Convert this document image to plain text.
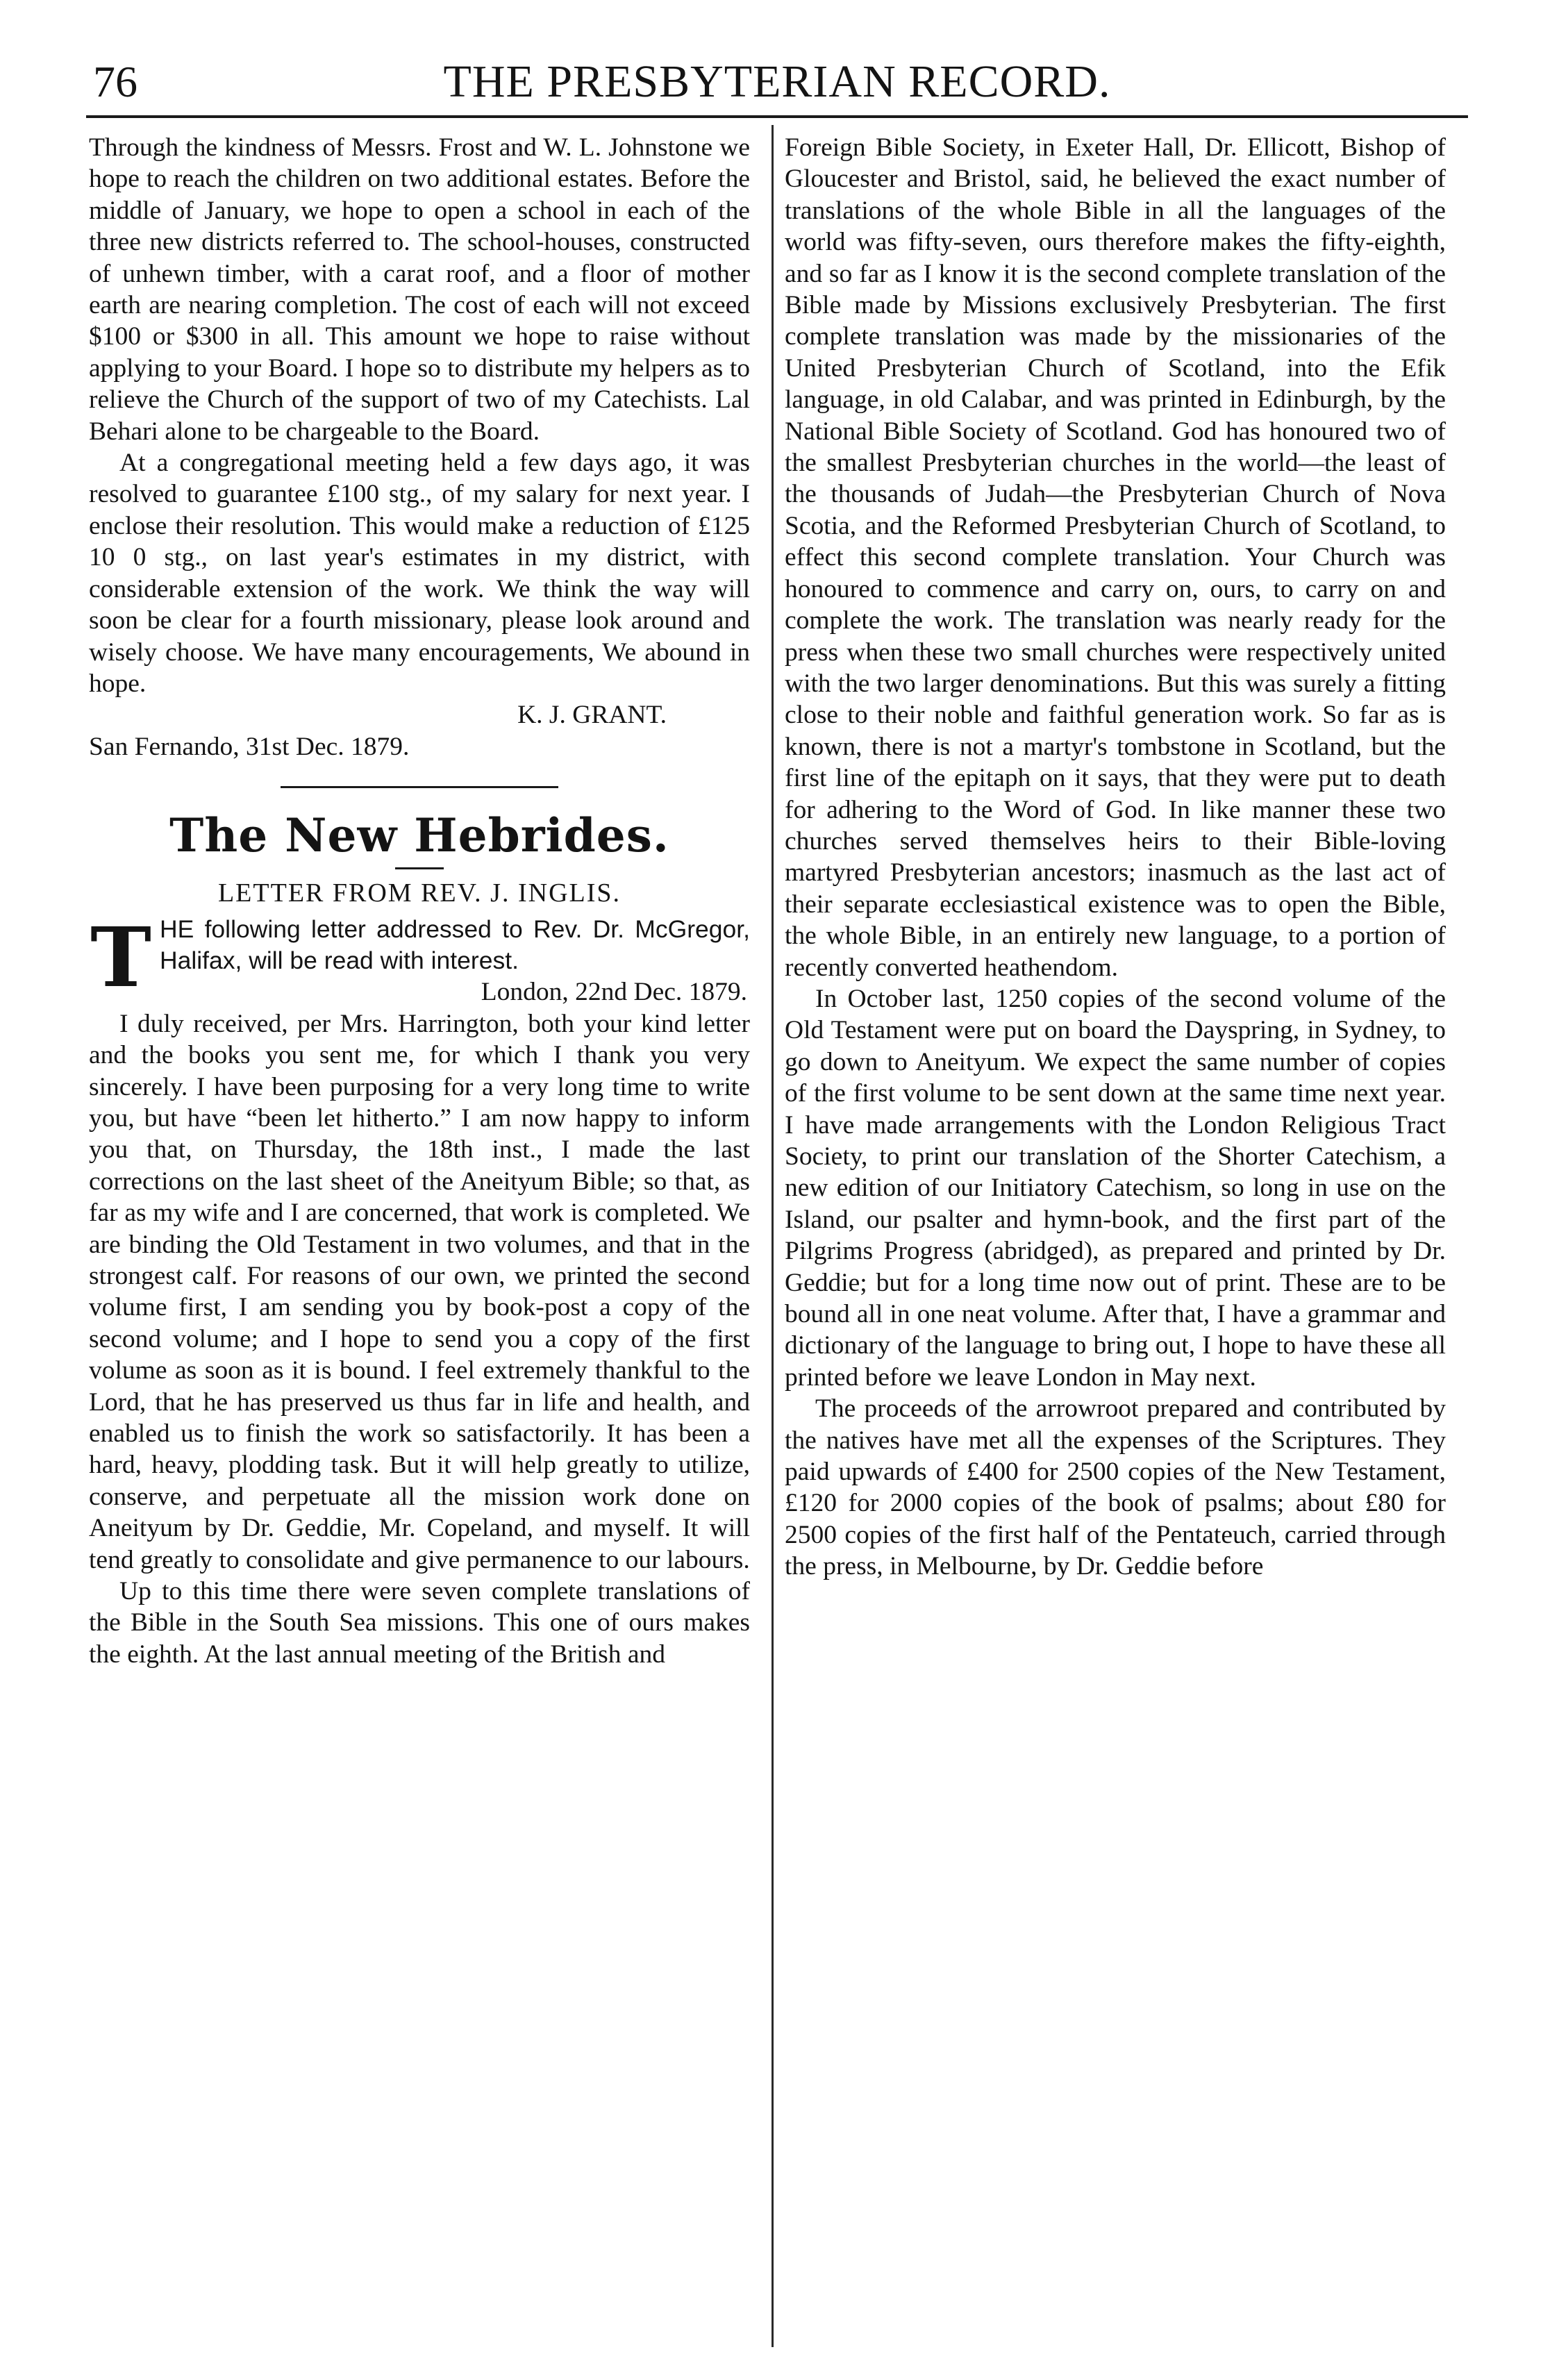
76	THE PRESBYTERIAN RECORD.

Through the kindness of Messrs. Frost and W. L. Johnstone we hope to reach the children on two additional estates. Before the middle of January, we hope to open a school in each of the three new districts referred to. The school-houses, constructed of unhewn timber, with a carat roof, and a floor of mother earth are nearing completion. The cost of each will not exceed $100 or $300 in all. This amount we hope to raise without applying to your Board. I hope so to distribute my helpers as to relieve the Church of the support of two of my Catechists. Lal Behari alone to be chargeable to the Board.

At a congregational meeting held a few days ago, it was resolved to guarantee £100 stg., of my salary for next year. I enclose their resolution. This would make a reduction of £125 10 0 stg., on last year's estimates in my district, with considerable extension of the work. We think the way will soon be clear for a fourth missionary, please look around and wisely choose. We have many encouragements, We abound in hope.

K. J. GRANT.

San Fernando, 31st Dec. 1879.

The New Hebrides.
LETTER FROM REV. J. INGLIS.
T HE following letter addressed to Rev. Dr. McGregor, Halifax, will be read with interest.

London, 22nd Dec. 1879.

I duly received, per Mrs. Harrington, both your kind letter and the books you sent me, for which I thank you very sincerely. I have been purposing for a very long time to write you, but have “been let hitherto.” I am now happy to inform you that, on Thursday, the 18th inst., I made the last corrections on the last sheet of the Aneityum Bible; so that, as far as my wife and I are concerned, that work is completed. We are binding the Old Testament in two volumes, and that in the strongest calf. For reasons of our own, we printed the second volume first, I am sending you by book-post a copy of the second volume; and I hope to send you a copy of the first volume as soon as it is bound. I feel extremely thankful to the Lord, that he has preserved us thus far in life and health, and enabled us to finish the work so satisfactorily. It has been a hard, heavy, plodding task. But it will help greatly to utilize, conserve, and perpetuate all the mission work done on Aneityum by Dr. Geddie, Mr. Copeland, and myself. It will tend greatly to consolidate and give permanence to our labours.

Up to this time there were seven complete translations of the Bible in the South Sea missions. This one of ours makes the eighth. At the last annual meeting of the British and

Foreign Bible Society, in Exeter Hall, Dr. Ellicott, Bishop of Gloucester and Bristol, said, he believed the exact number of translations of the whole Bible in all the languages of the world was fifty-seven, ours therefore makes the fifty-eighth, and so far as I know it is the second complete translation of the Bible made by Missions exclusively Presbyterian. The first complete translation was made by the missionaries of the United Presbyterian Church of Scotland, into the Efik language, in old Calabar, and was printed in Edinburgh, by the National Bible Society of Scotland. God has honoured two of the smallest Presbyterian churches in the world—the least of the thousands of Judah—the Presbyterian Church of Nova Scotia, and the Reformed Presbyterian Church of Scotland, to effect this second complete translation. Your Church was honoured to commence and carry on, ours, to carry on and complete the work. The translation was nearly ready for the press when these two small churches were respectively united with the two larger denominations. But this was surely a fitting close to their noble and faithful generation work. So far as is known, there is not a martyr's tombstone in Scotland, but the first line of the epitaph on it says, that they were put to death for adhering to the Word of God. In like manner these two churches served themselves heirs to their Bible-loving martyred Presbyterian ancestors; inasmuch as the last act of their separate ecclesiastical existence was to open the Bible, the whole Bible, in an entirely new language, to a portion of recently converted heathendom.

In October last, 1250 copies of the second volume of the Old Testament were put on board the Dayspring, in Sydney, to go down to Aneityum. We expect the same number of copies of the first volume to be sent down at the same time next year. I have made arrangements with the London Religious Tract Society, to print our translation of the Shorter Catechism, a new edition of our Initiatory Catechism, so long in use on the Island, our psalter and hymn-book, and the first part of the Pilgrims Progress (abridged), as prepared and printed by Dr. Geddie; but for a long time now out of print. These are to be bound all in one neat volume. After that, I have a grammar and dictionary of the language to bring out, I hope to have these all printed before we leave London in May next.

The proceeds of the arrowroot prepared and contributed by the natives have met all the expenses of the Scriptures. They paid upwards of £400 for 2500 copies of the New Testament, £120 for 2000 copies of the book of psalms; about £80 for 2500 copies of the first half of the Pentateuch, carried through the press, in Melbourne, by Dr. Geddie before
